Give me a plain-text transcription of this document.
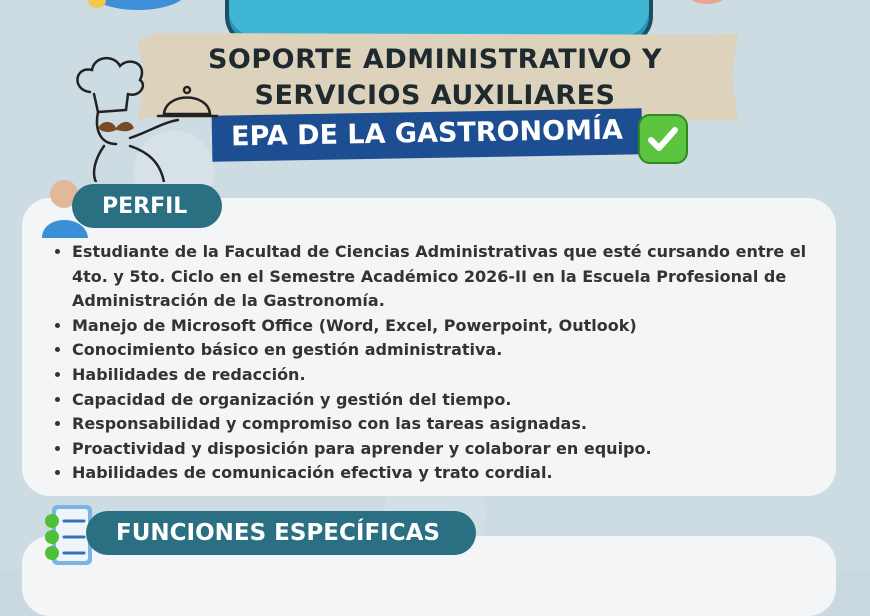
SOPORTE ADMINISTRATIVO Y
SERVICIOS AUXILIARES
EPA DE LA GASTRONOMÍA
PERFIL
• Estudiante de la Facultad de Ciencias Administrativas que esté cursando entre el 4to. y 5to. Ciclo en el Semestre Académico 2026-II en la Escuela Profesional de Administración de la Gastronomía.
• Manejo de Microsoft Office (Word, Excel, Powerpoint, Outlook)
• Conocimiento básico en gestión administrativa.
• Habilidades de redacción.
• Capacidad de organización y gestión del tiempo.
• Responsabilidad y compromiso con las tareas asignadas.
• Proactividad y disposición para aprender y colaborar en equipo.
• Habilidades de comunicación efectiva y trato cordial.
FUNCIONES ESPECÍFICAS
